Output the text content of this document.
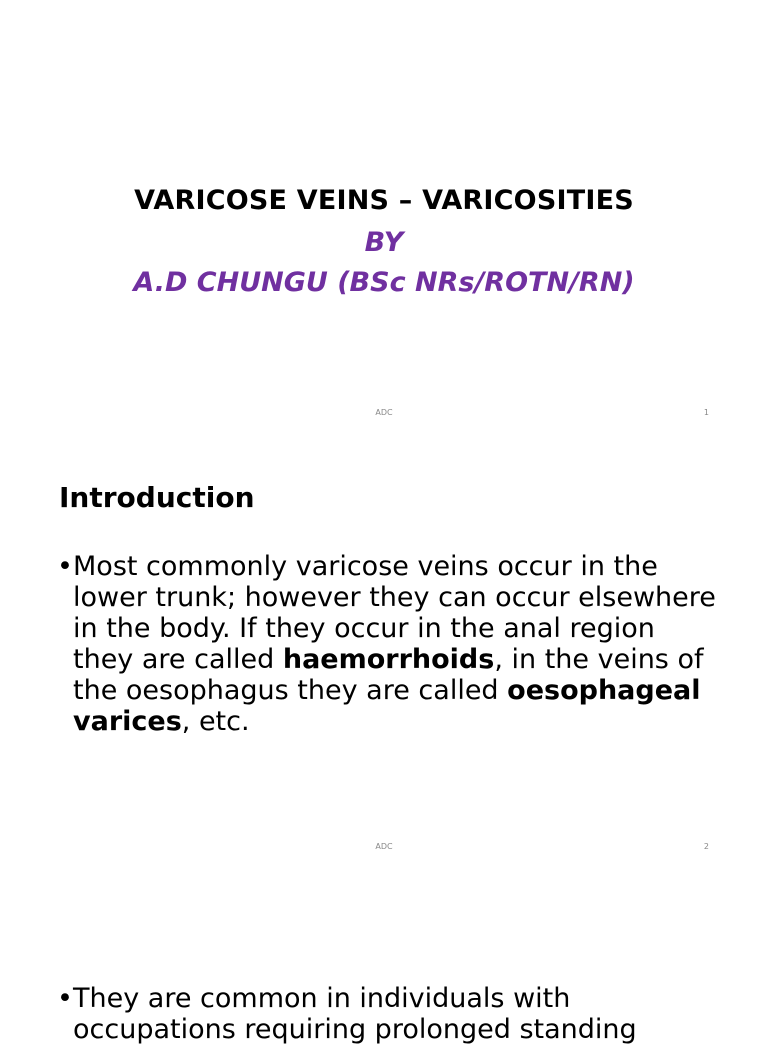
VARICOSE VEINS – VARICOSITIES
BY
A.D CHUNGU (BSc NRs/ROTN/RN)
ADC	1
Introduction
• Most commonly varicose veins occur in the lower trunk; however they can occur elsewhere in the body. If they occur in the anal region they are called haemorrhoids, in the veins of the oesophagus they are called oesophageal varices, etc.
ADC	2
• They are common in individuals with occupations requiring prolonged standing
